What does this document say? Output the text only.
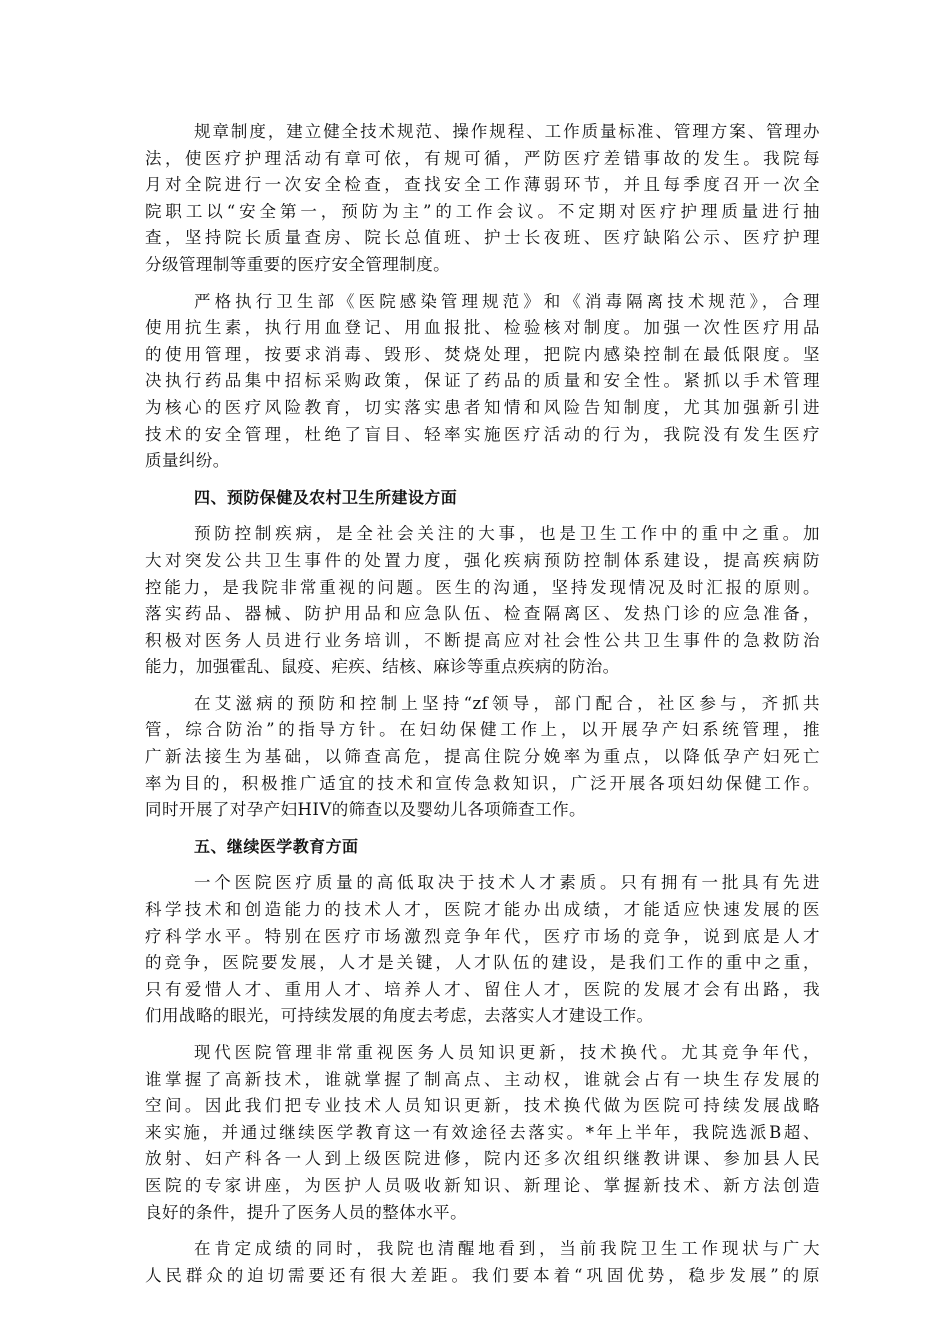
规章制度，建立健全技术规范、操作规程、工作质量标准、管理方案、管理办
法，使医疗护理活动有章可依，有规可循，严防医疗差错事故的发生。我院每
月对全院进行一次安全检查，查找安全工作薄弱环节，并且每季度召开一次全
院职工以“安全第一，预防为主”的工作会议。不定期对医疗护理质量进行抽
查，坚持院长质量查房、院长总值班、护士长夜班、医疗缺陷公示、医疗护理
分级管理制等重要的医疗安全管理制度。
严格执行卫生部《医院感染管理规范》和《消毒隔离技术规范》，合理
使用抗生素，执行用血登记、用血报批、检验核对制度。加强一次性医疗用品
的使用管理，按要求消毒、毁形、焚烧处理，把院内感染控制在最低限度。坚
决执行药品集中招标采购政策，保证了药品的质量和安全性。紧抓以手术管理
为核心的医疗风险教育，切实落实患者知情和风险告知制度，尤其加强新引进
技术的安全管理，杜绝了盲目、轻率实施医疗活动的行为，我院没有发生医疗
质量纠纷。
四、预防保健及农村卫生所建设方面
预防控制疾病，是全社会关注的大事，也是卫生工作中的重中之重。加
大对突发公共卫生事件的处置力度，强化疾病预防控制体系建设，提高疾病防
控能力，是我院非常重视的问题。医生的沟通，坚持发现情况及时汇报的原则。
落实药品、器械、防护用品和应急队伍、检查隔离区、发热门诊的应急准备，
积极对医务人员进行业务培训，不断提高应对社会性公共卫生事件的急救防治
能力，加强霍乱、鼠疫、疟疾、结核、麻诊等重点疾病的防治。
在艾滋病的预防和控制上坚持“zf领导，部门配合，社区参与，齐抓共
管，综合防治”的指导方针。在妇幼保健工作上，以开展孕产妇系统管理，推
广新法接生为基础，以筛查高危，提高住院分娩率为重点，以降低孕产妇死亡
率为目的，积极推广适宜的技术和宣传急救知识，广泛开展各项妇幼保健工作。
同时开展了对孕产妇HIV的筛查以及婴幼儿各项筛查工作。
五、继续医学教育方面
一个医院医疗质量的高低取决于技术人才素质。只有拥有一批具有先进
科学技术和创造能力的技术人才，医院才能办出成绩，才能适应快速发展的医
疗科学水平。特别在医疗市场激烈竞争年代，医疗市场的竞争，说到底是人才
的竞争，医院要发展，人才是关键，人才队伍的建设，是我们工作的重中之重，
只有爱惜人才、重用人才、培养人才、留住人才，医院的发展才会有出路，我
们用战略的眼光，可持续发展的角度去考虑，去落实人才建设工作。
现代医院管理非常重视医务人员知识更新，技术换代。尤其竞争年代，
谁掌握了高新技术，谁就掌握了制高点、主动权，谁就会占有一块生存发展的
空间。因此我们把专业技术人员知识更新，技术换代做为医院可持续发展战略
来实施，并通过继续医学教育这一有效途径去落实。*年上半年，我院选派B超、
放射、妇产科各一人到上级医院进修，院内还多次组织继教讲课、参加县人民
医院的专家讲座，为医护人员吸收新知识、新理论、掌握新技术、新方法创造
良好的条件，提升了医务人员的整体水平。
在肯定成绩的同时，我院也清醒地看到，当前我院卫生工作现状与广大
人民群众的迫切需要还有很大差距。我们要本着“巩固优势，稳步发展”的原
